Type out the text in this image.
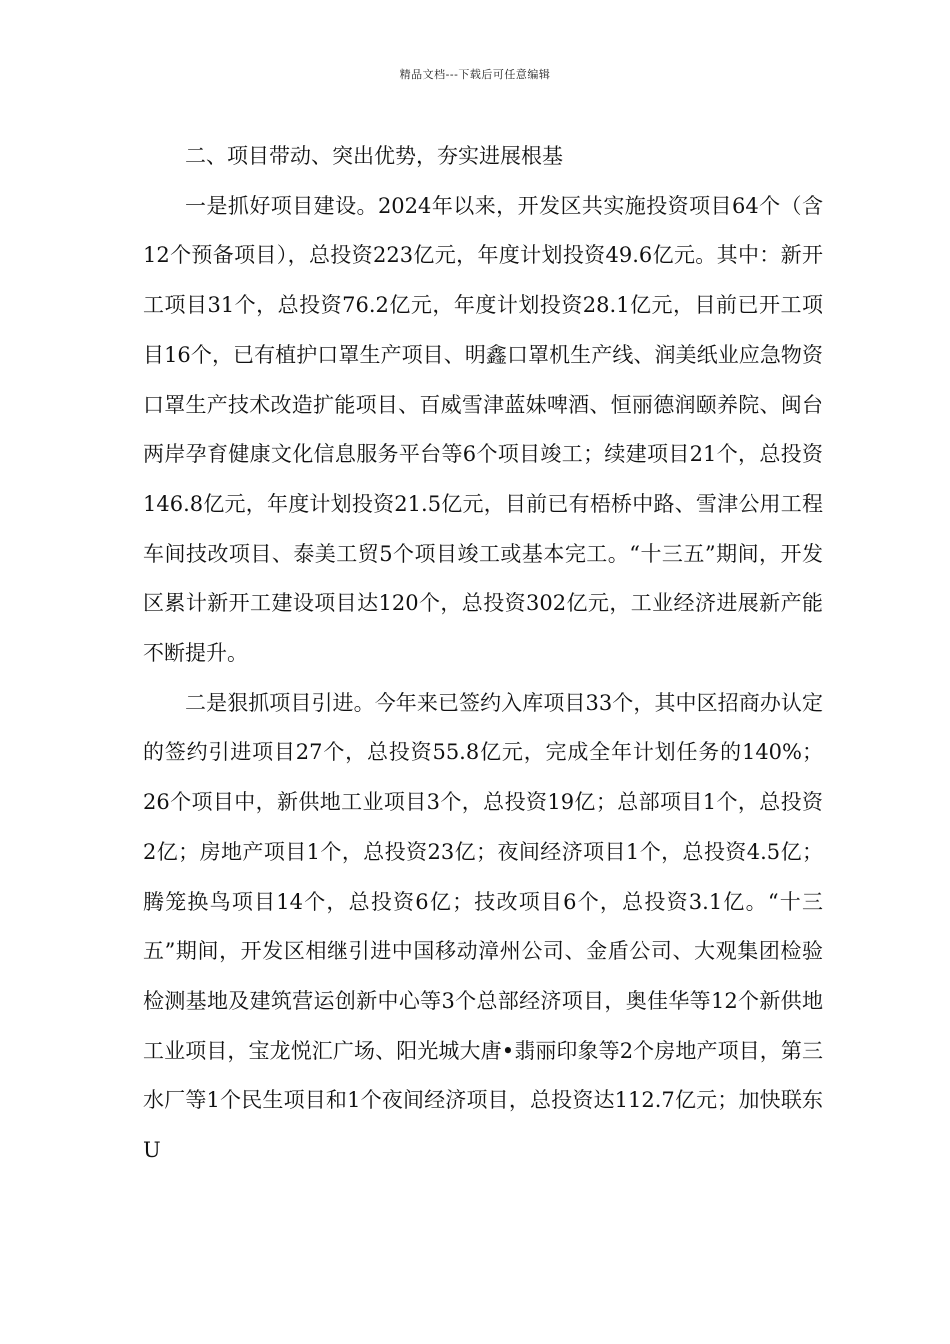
精品文档---下载后可任意编辑
二、项目带动、突出优势，夯实进展根基

一是抓好项目建设。2024年以来，开发区共实施投资项目64个（含12个预备项目），总投资223亿元，年度计划投资49.6亿元。其中：新开工项目31个，总投资76.2亿元，年度计划投资28.1亿元，目前已开工项目16个，已有植护口罩生产项目、明鑫口罩机生产线、润美纸业应急物资口罩生产技术改造扩能项目、百威雪津蓝妹啤酒、恒丽德润颐养院、闽台两岸孕育健康文化信息服务平台等6个项目竣工；续建项目21个，总投资146.8亿元，年度计划投资21.5亿元，目前已有梧桥中路、雪津公用工程车间技改项目、泰美工贸5个项目竣工或基本完工。“十三五”期间，开发区累计新开工建设项目达120个，总投资302亿元，工业经济进展新产能不断提升。

二是狠抓项目引进。今年来已签约入库项目33个，其中区招商办认定的签约引进项目27个，总投资55.8亿元，完成全年计划任务的140%；26个项目中，新供地工业项目3个，总投资19亿；总部项目1个，总投资2亿；房地产项目1个，总投资23亿；夜间经济项目1个，总投资4.5亿；腾笼换鸟项目14个，总投资6亿；技改项目6个，总投资3.1亿。“十三五”期间，开发区相继引进中国移动漳州公司、金盾公司、大观集团检验检测基地及建筑营运创新中心等3个总部经济项目，奥佳华等12个新供地工业项目，宝龙悦汇广场、阳光城大唐•翡丽印象等2个房地产项目，第三水厂等1个民生项目和1个夜间经济项目，总投资达112.7亿元；加快联东U
